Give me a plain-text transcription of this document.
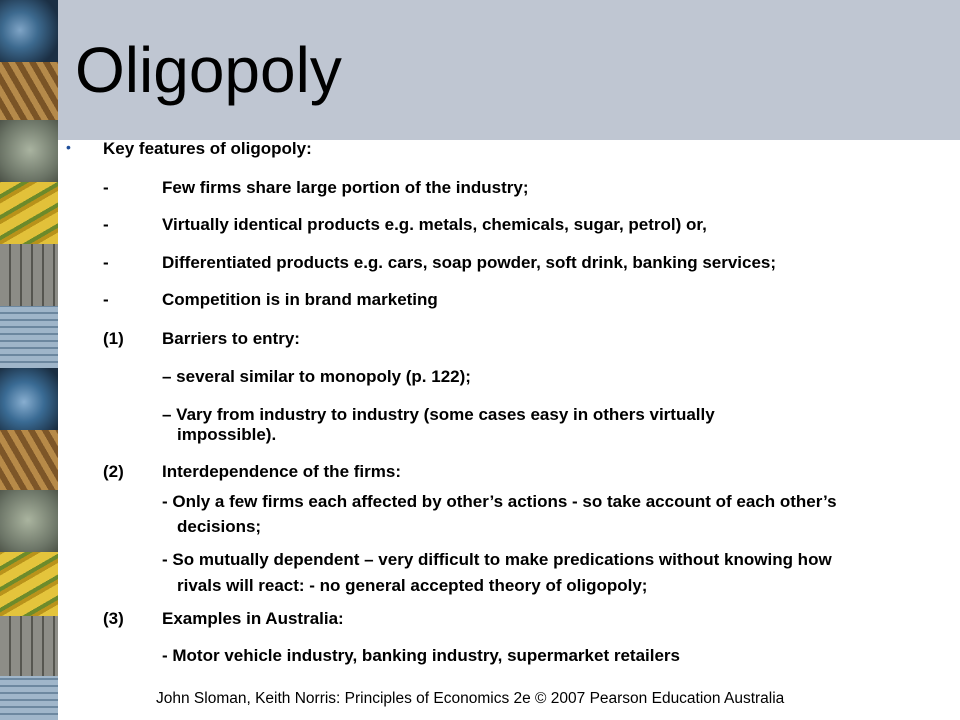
Oligopoly
• Key features of oligopoly:
-	Few firms share large portion of the industry;
-	Virtually identical products e.g. metals, chemicals, sugar, petrol) or,
-	Differentiated products e.g. cars, soap powder, soft drink, banking services;
-	Competition is in brand marketing
(1) Barriers to entry:
– several similar to monopoly (p. 122);
– Vary from industry to industry (some cases easy in others virtually
impossible).
(2) Interdependence of the firms:
- Only a few firms each affected by other’s actions - so take account of each other’s
decisions;
- So mutually dependent – very difficult to make predications without knowing how
rivals will react: - no general accepted theory of oligopoly;
(3) Examples in Australia:
- Motor vehicle industry, banking industry, supermarket retailers
John Sloman, Keith Norris: Principles of Economics 2e © 2007 Pearson Education Australia
